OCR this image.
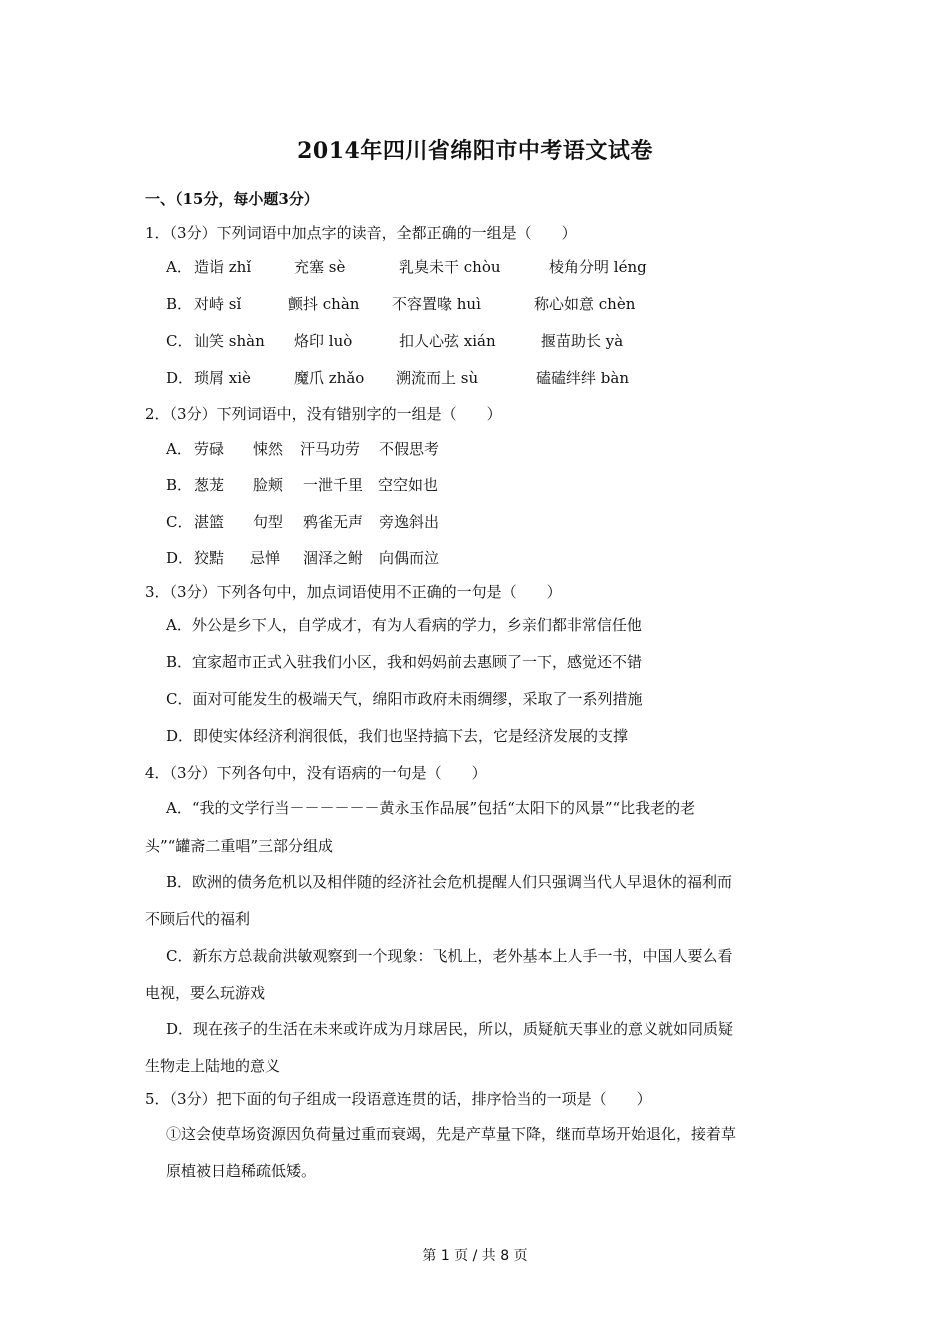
2014年四川省绵阳市中考语文试卷
一、（15分，每小题3分）
1．（3分）下列词语中加点字的读音，全都正确的一组是（　　）
A． 造诣 zhǐ	充塞 sè	乳臭未干 chòu	棱角分明 léng
B． 对峙 sǐ	颤抖 chàn 不容置喙 huì	称心如意 chèn
C． 讪笑 shàn 烙印 luò	扣人心弦 xián	揠苗助长 yà
D． 琐屑 xiè	魔爪 zhǎo 溯流而上 sù	磕磕绊绊 bàn
2．（3分）下列词语中，没有错别字的一组是（　　）
A． 劳碌 悚然 汗马功劳 不假思考
B． 葱茏 脸颊 一泄千里 空空如也
C． 湛篮 句型 鸦雀无声 旁逸斜出
D． 狡黠 忌惮 涸泽之鲋 向偶而泣
3．（3分）下列各句中，加点词语使用不正确的一句是（　　）
A．外公是乡下人，自学成才，有为人看病的学力，乡亲们都非常信任他
B．宜家超市正式入驻我们小区，我和妈妈前去惠顾了一下，感觉还不错
C．面对可能发生的极端天气，绵阳市政府未雨绸缪，采取了一系列措施
D．即使实体经济利润很低，我们也坚持搞下去，它是经济发展的支撑
4．（3分）下列各句中，没有语病的一句是（　　）
A．“我的文学行当－－－－－－黄永玉作品展”包括“太阳下的风景”“比我老的老
头”“罐斋二重唱”三部分组成
B．欧洲的债务危机以及相伴随的经济社会危机提醒人们只强调当代人早退休的福利而
不顾后代的福利
C．新东方总裁俞洪敏观察到一个现象：飞机上，老外基本上人手一书，中国人要么看
电视，要么玩游戏
D．现在孩子的生活在未来或许成为月球居民，所以，质疑航天事业的意义就如同质疑
生物走上陆地的意义
5．（3分）把下面的句子组成一段语意连贯的话，排序恰当的一项是（　　）
①这会使草场资源因负荷量过重而衰竭，先是产草量下降，继而草场开始退化，接着草
原植被日趋稀疏低矮。
第 1 页 / 共 8 页
